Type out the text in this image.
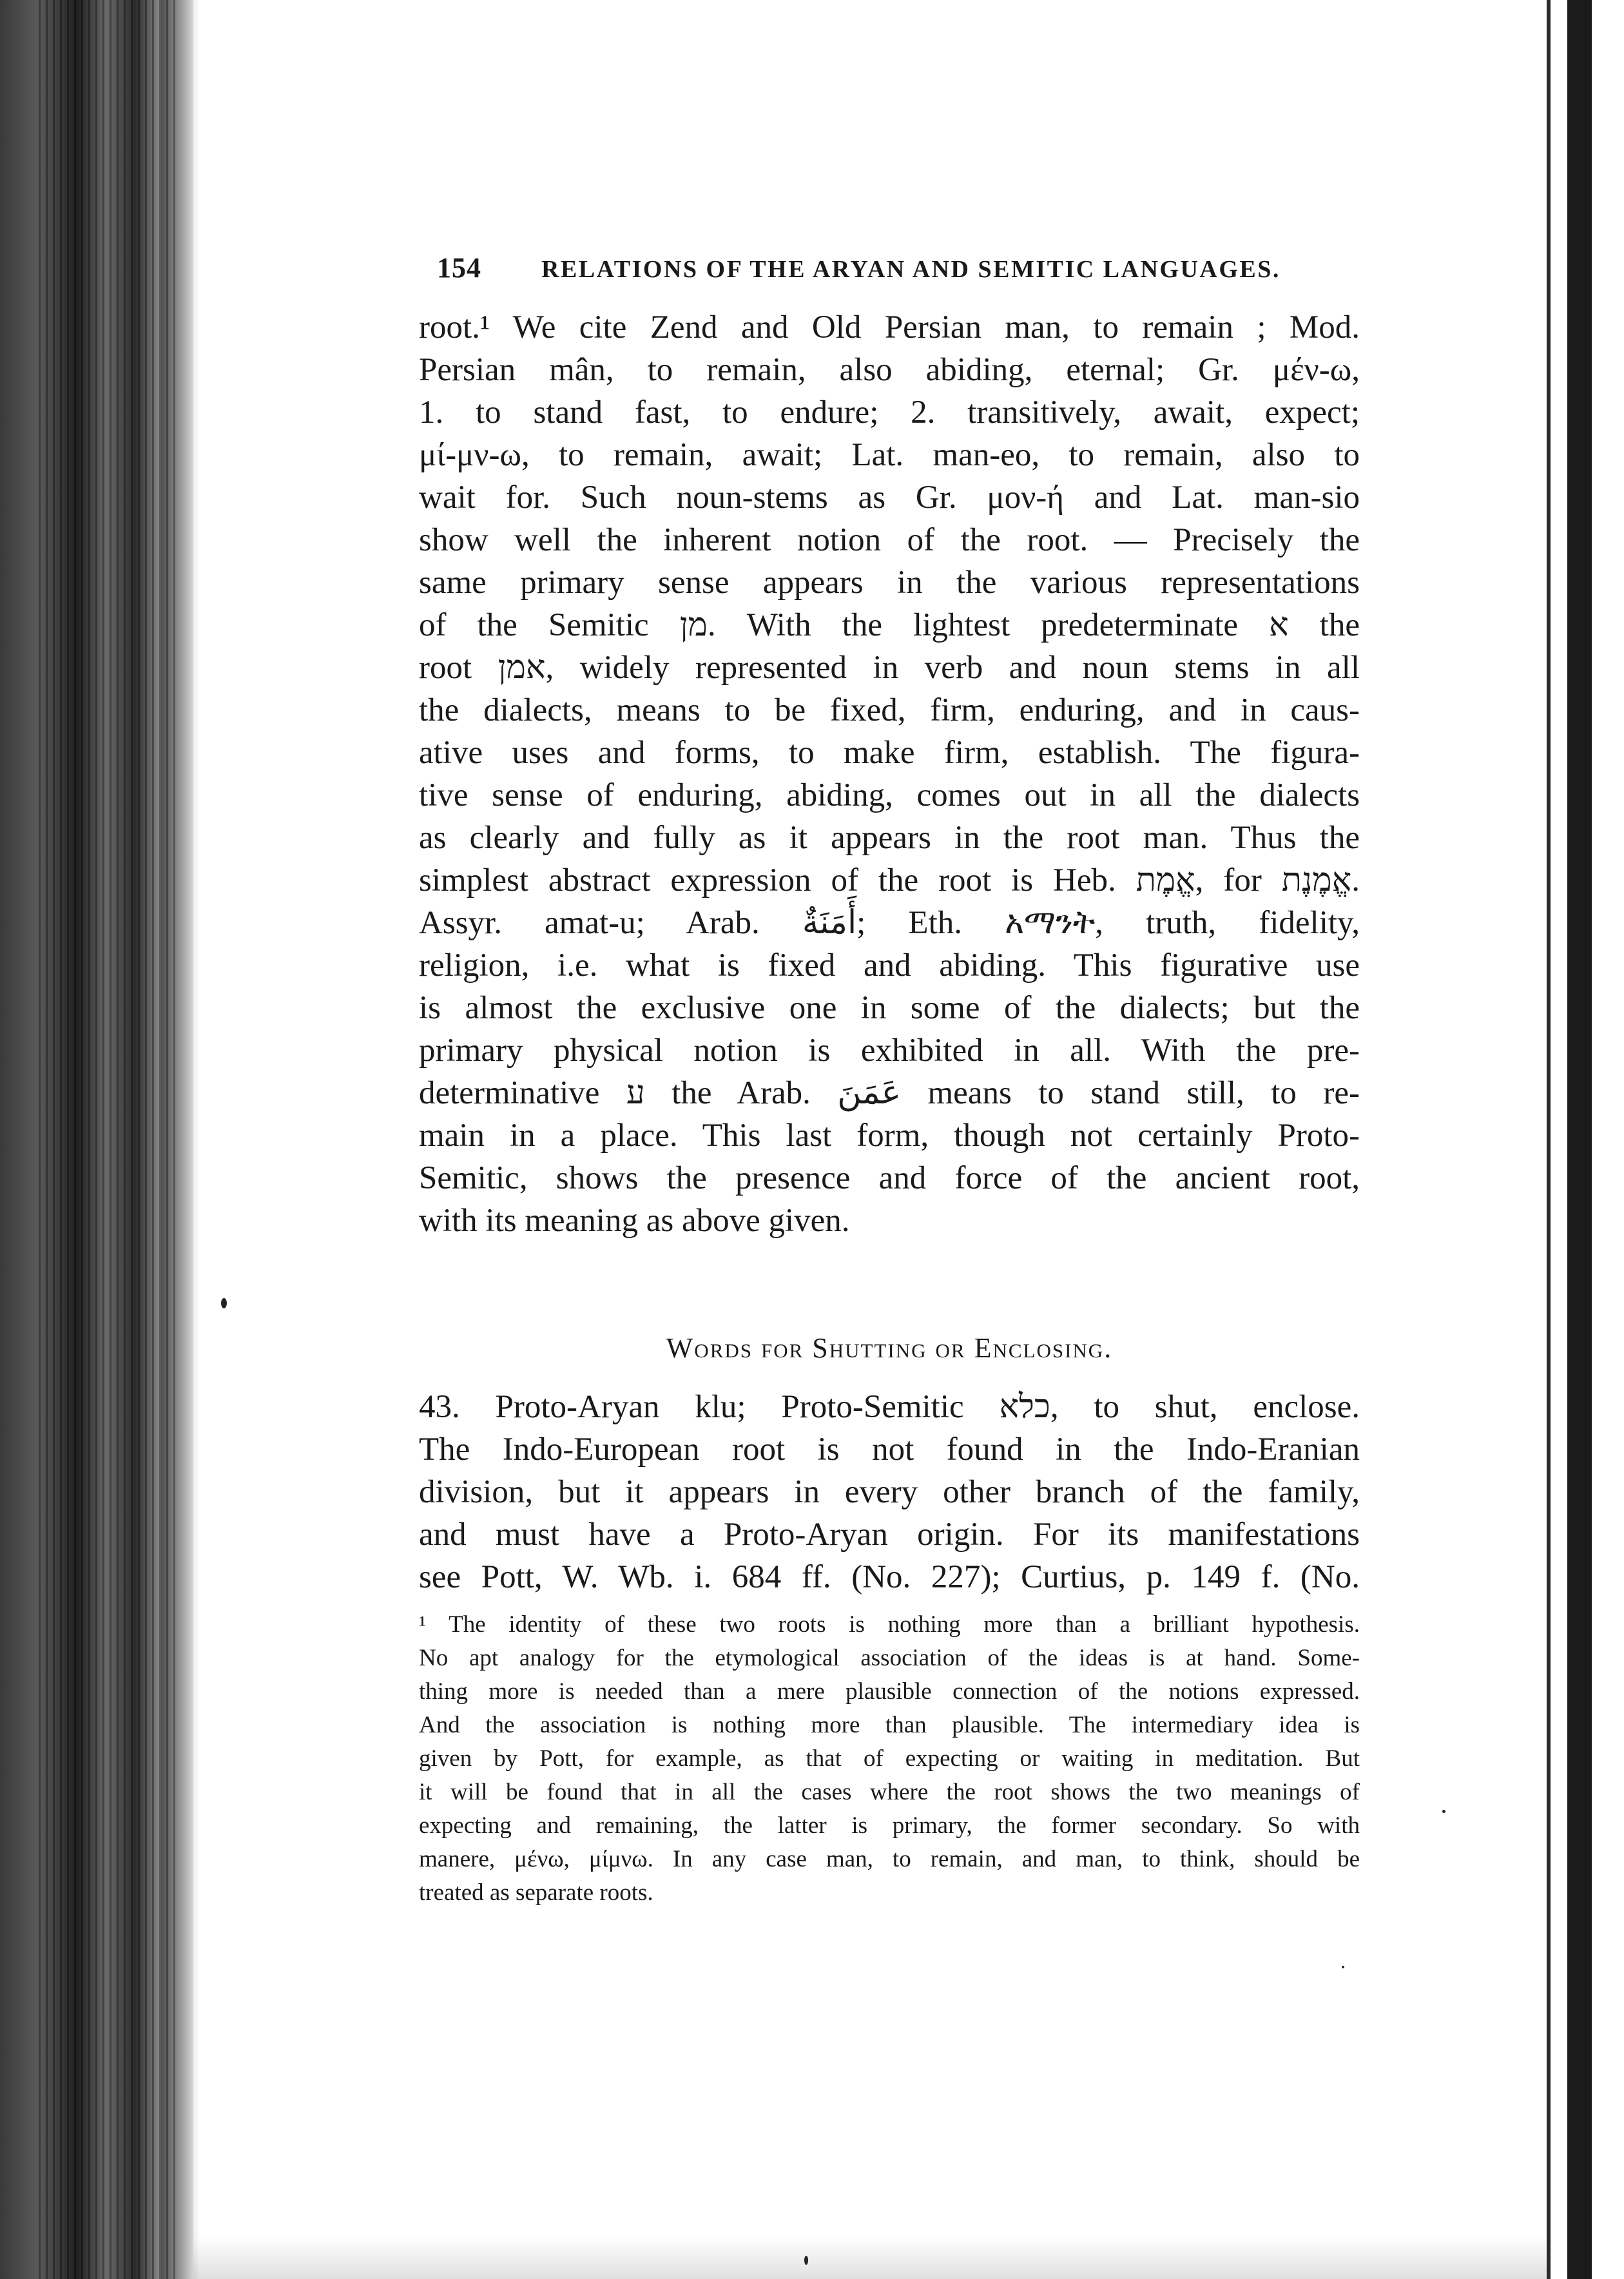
154 RELATIONS OF THE ARYAN AND SEMITIC LANGUAGES.
root.¹ We cite Zend and Old Persian man, to remain ; Mod.
Persian mân, to remain, also abiding, eternal; Gr. μέν-ω,
1. to stand fast, to endure; 2. transitively, await, expect;
μί-μν-ω, to remain, await; Lat. man-eo, to remain, also to
wait for. Such noun-stems as Gr. μον-ή and Lat. man-sio
show well the inherent notion of the root. — Precisely the
same primary sense appears in the various representations
of the Semitic מן. With the lightest predeterminate א the
root אמן, widely represented in verb and noun stems in all
the dialects, means to be fixed, firm, enduring, and in caus-
ative uses and forms, to make firm, establish. The figura-
tive sense of enduring, abiding, comes out in all the dialects
as clearly and fully as it appears in the root man. Thus the
simplest abstract expression of the root is Heb. אֱמֶת, for אֱמֶנֶת.
Assyr. amat-u; Arab. أَمَنَةٌ; Eth. አማንት, truth, fidelity,
religion, i.e. what is fixed and abiding. This figurative use
is almost the exclusive one in some of the dialects; but the
primary physical notion is exhibited in all. With the pre-
determinative ע the Arab. عَمَنَ means to stand still, to re-
main in a place. This last form, though not certainly Proto-
Semitic, shows the presence and force of the ancient root,
with its meaning as above given.
Words for Shutting or Enclosing.
43. Proto-Aryan klu; Proto-Semitic כלא, to shut, enclose.
The Indo-European root is not found in the Indo-Eranian
division, but it appears in every other branch of the family,
and must have a Proto-Aryan origin. For its manifestations
see Pott, W. Wb. i. 684 ff. (No. 227); Curtius, p. 149 f. (No.
¹ The identity of these two roots is nothing more than a brilliant hypothesis.
No apt analogy for the etymological association of the ideas is at hand. Some-
thing more is needed than a mere plausible connection of the notions expressed.
And the association is nothing more than plausible. The intermediary idea is
given by Pott, for example, as that of expecting or waiting in meditation. But
it will be found that in all the cases where the root shows the two meanings of
expecting and remaining, the latter is primary, the former secondary. So with
manere, μένω, μίμνω. In any case man, to remain, and man, to think, should be
treated as separate roots.
